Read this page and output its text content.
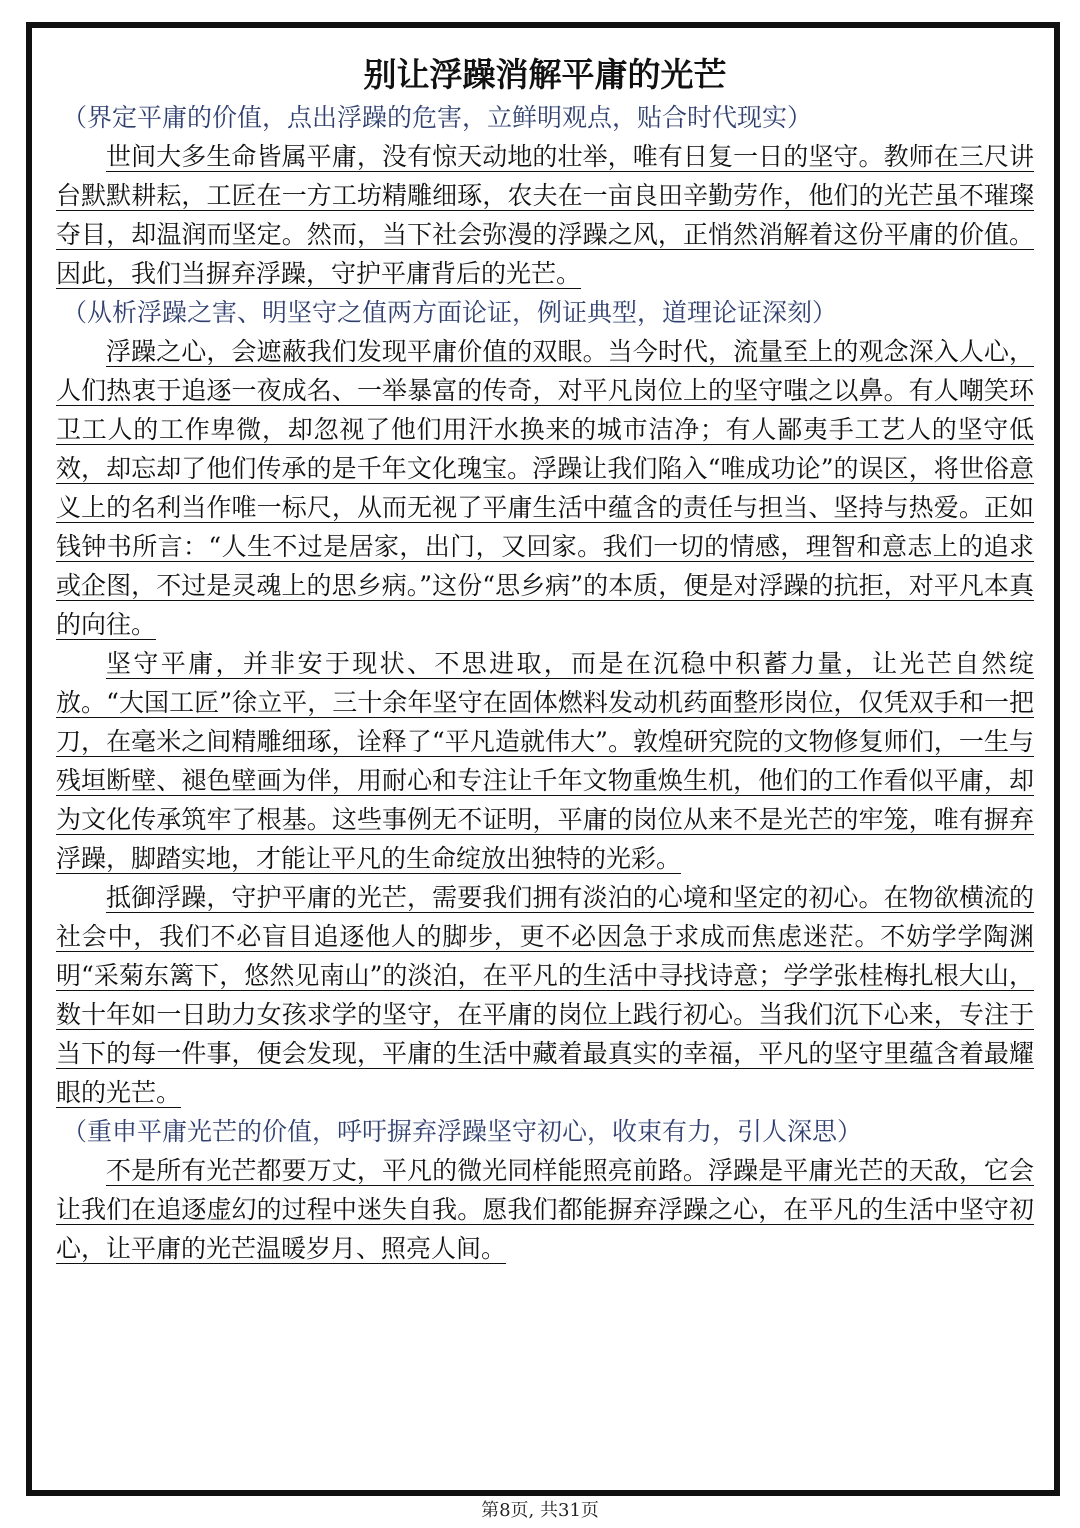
别让浮躁消解平庸的光芒

（界定平庸的价值，点出浮躁的危害，立鲜明观点，贴合时代现实）

世间大多生命皆属平庸，没有惊天动地的壮举，唯有日复一日的坚守。教师在三尺讲台默默耕耘，工匠在一方工坊精雕细琢，农夫在一亩良田辛勤劳作，他们的光芒虽不璀璨夺目，却温润而坚定。然而，当下社会弥漫的浮躁之风，正悄然消解着这份平庸的价值。因此，我们当摒弃浮躁，守护平庸背后的光芒。

（从析浮躁之害、明坚守之值两方面论证，例证典型，道理论证深刻）

浮躁之心，会遮蔽我们发现平庸价值的双眼。当今时代，流量至上的观念深入人心，人们热衷于追逐一夜成名、一举暴富的传奇，对平凡岗位上的坚守嗤之以鼻。有人嘲笑环卫工人的工作卑微，却忽视了他们用汗水换来的城市洁净；有人鄙夷手工艺人的坚守低效，却忘却了他们传承的是千年文化瑰宝。浮躁让我们陷入“唯成功论”的误区，将世俗意义上的名利当作唯一标尺，从而无视了平庸生活中蕴含的责任与担当、坚持与热爱。正如钱钟书所言：“人生不过是居家，出门，又回家。我们一切的情感，理智和意志上的追求或企图，不过是灵魂上的思乡病。”这份“思乡病”的本质，便是对浮躁的抗拒，对平凡本真的向往。

坚守平庸，并非安于现状、不思进取，而是在沉稳中积蓄力量，让光芒自然绽放。“大国工匠”徐立平，三十余年坚守在固体燃料发动机药面整形岗位，仅凭双手和一把刀，在毫米之间精雕细琢，诠释了“平凡造就伟大”。敦煌研究院的文物修复师们，一生与残垣断壁、褪色壁画为伴，用耐心和专注让千年文物重焕生机，他们的工作看似平庸，却为文化传承筑牢了根基。这些事例无不证明，平庸的岗位从来不是光芒的牢笼，唯有摒弃浮躁，脚踏实地，才能让平凡的生命绽放出独特的光彩。

抵御浮躁，守护平庸的光芒，需要我们拥有淡泊的心境和坚定的初心。在物欲横流的社会中，我们不必盲目追逐他人的脚步，更不必因急于求成而焦虑迷茫。不妨学学陶渊明“采菊东篱下，悠然见南山”的淡泊，在平凡的生活中寻找诗意；学学张桂梅扎根大山，数十年如一日助力女孩求学的坚守，在平庸的岗位上践行初心。当我们沉下心来，专注于当下的每一件事，便会发现，平庸的生活中藏着最真实的幸福，平凡的坚守里蕴含着最耀眼的光芒。

（重申平庸光芒的价值，呼吁摒弃浮躁坚守初心，收束有力，引人深思）

不是所有光芒都要万丈，平凡的微光同样能照亮前路。浮躁是平庸光芒的天敌，它会让我们在追逐虚幻的过程中迷失自我。愿我们都能摒弃浮躁之心，在平凡的生活中坚守初心，让平庸的光芒温暖岁月、照亮人间。

第8页, 共31页
